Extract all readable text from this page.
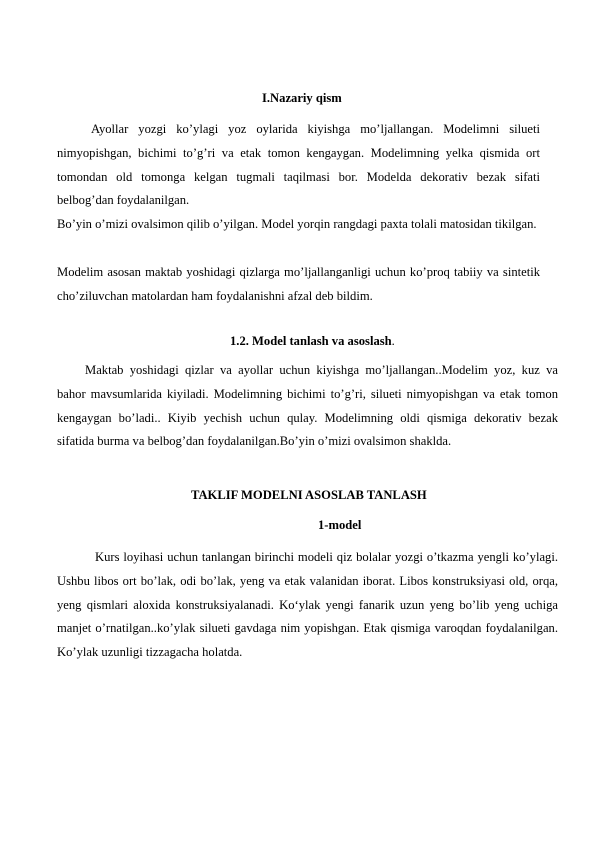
I.Nazariy qism

Ayollar yozgi ko’ylagi yoz oylarida kiyishga mo’ljallangan. Modelimni silueti nimyopishgan, bichimi to’g’ri va etak tomon kengaygan. Modelimning yelka qismida ort tomondan old tomonga kelgan tugmali taqilmasi bor. Modelda dekorativ bezak sifati belbog’dan foydalanilgan.

Bo’yin o’mizi ovalsimon qilib o’yilgan. Model yorqin rangdagi paxta tolali matosidan tikilgan.

Modelim asosan maktab yoshidagi qizlarga mo’ljallanganligi uchun ko’proq tabiiy va sintetik cho’ziluvchan matolardan ham foydalanishni afzal deb bildim.

1.2. Model tanlash va asoslash.

Maktab yoshidagi qizlar va ayollar uchun kiyishga mo’ljallangan..Modelim yoz, kuz va bahor mavsumlarida kiyiladi. Modelimning bichimi to’g’ri, silueti nimyopishgan va etak tomon kengaygan bo’ladi.. Kiyib yechish uchun qulay. Modelimning oldi qismiga dekorativ bezak sifatida burma va belbog’dan foydalanilgan.Bo’yin o’mizi ovalsimon shaklda.

TAKLIF MODELNI ASOSLAB TANLASH

1-model

Kurs loyihasi uchun tanlangan birinchi modeli qiz bolalar yozgi o’tkazma yengli ko’ylagi. Ushbu libos ort bo’lak, odi bo’lak, yeng va etak valanidan iborat. Libos konstruksiyasi old, orqa, yeng qismlari aloxida konstruksiyalanadi. Koʻylak yengi fanarik uzun yeng bo’lib yeng uchiga manjet o’rnatilgan..ko’ylak silueti gavdaga nim yopishgan. Etak qismiga varoqdan foydalanilgan. Ko’ylak uzunligi tizzagacha holatda.
